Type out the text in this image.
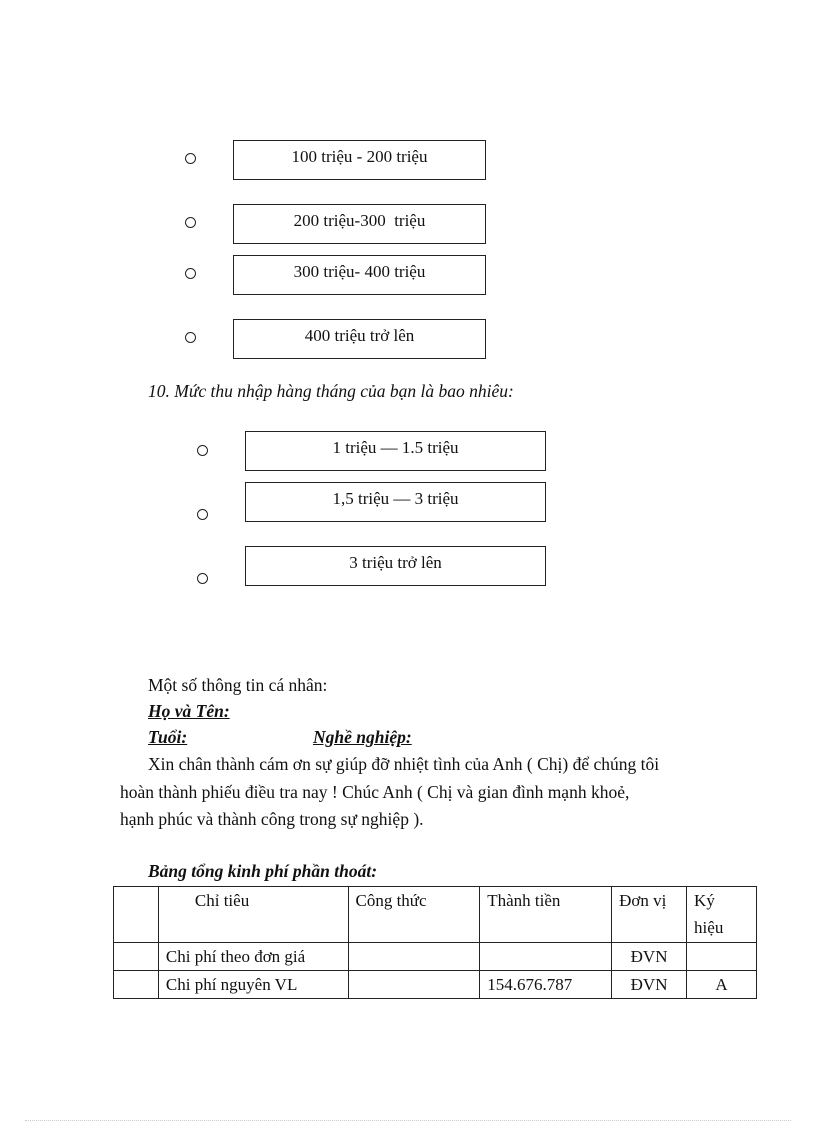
100 triệu - 200 triệu
200 triệu-300  triệu
300 triệu- 400 triệu
400 triệu trở lên
10. Mức thu nhập hàng tháng của bạn là bao nhiêu:
1 triệu — 1.5 triệu
1,5 triệu — 3 triệu
3 triệu trở lên
Một số thông tin cá nhân:
Họ và Tên:
Tuổi:	Nghề nghiệp:
Xin chân thành cám ơn sự giúp đỡ nhiệt tình của Anh ( Chị) để chúng tôi
hoàn thành phiếu điều tra nay ! Chúc Anh ( Chị và gian đình mạnh khoẻ,
hạnh phúc và thành công trong sự nghiệp ).
Bảng tổng kinh phí phần thoát:
	Chỉ tiêu	Công thức	Thành tiền	Đơn vị	Ký hiệu
	Chi phí theo đơn giá			ĐVN	
	Chi phí nguyên VL		154.676.787	ĐVN	A
